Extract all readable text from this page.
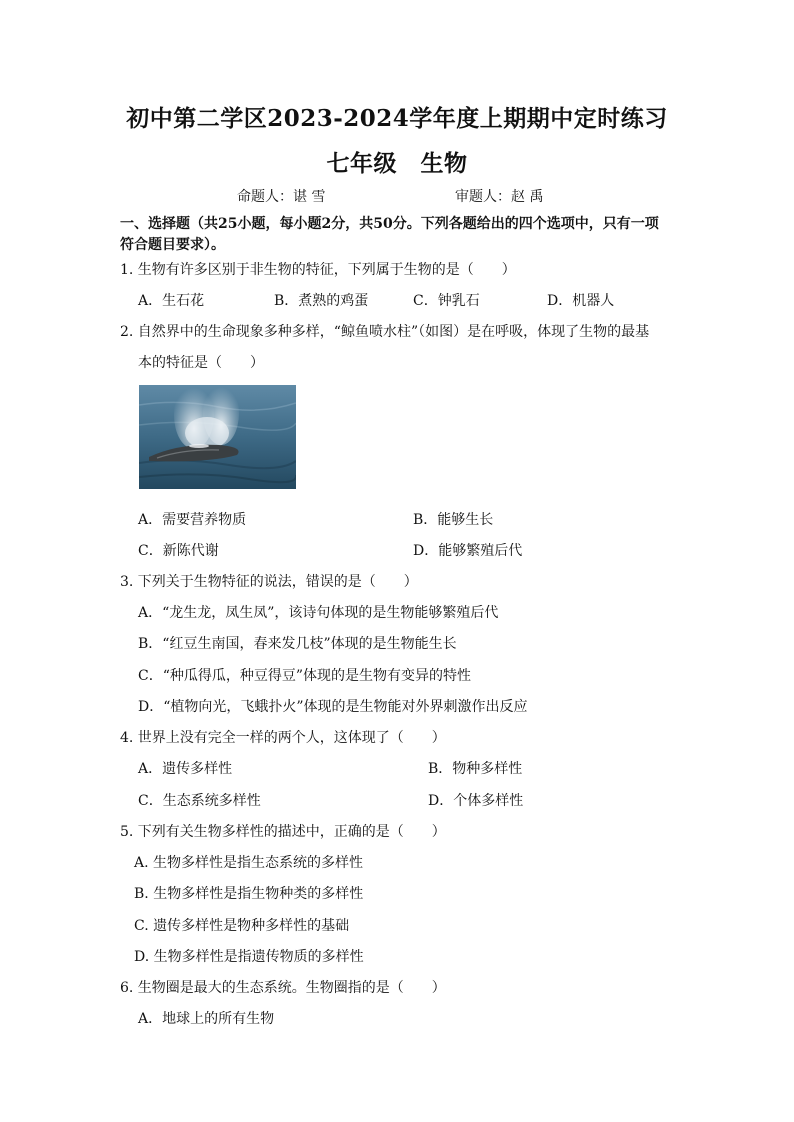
初中第二学区2023-2024学年度上期期中定时练习
七年级　生物
命题人：谌 雪	审题人：赵 禹
一、选择题（共25小题，每小题2分，共50分。下列各题给出的四个选项中，只有一项
符合题目要求）。
1. 生物有许多区别于非生物的特征，下列属于生物的是（　　）
A．生石花	B．煮熟的鸡蛋	C．钟乳石	D．机器人
2. 自然界中的生命现象多种多样，“鲸鱼喷水柱”（如图）是在呼吸，体现了生物的最基
本的特征是（　　）
A．需要营养物质	B．能够生长
C．新陈代谢	D．能够繁殖后代
3. 下列关于生物特征的说法，错误的是（　　）
A．“龙生龙，凤生凤”，该诗句体现的是生物能够繁殖后代
B．“红豆生南国，春来发几枝”体现的是生物能生长
C．“种瓜得瓜，种豆得豆”体现的是生物有变异的特性
D．“植物向光，飞蛾扑火”体现的是生物能对外界刺激作出反应
4. 世界上没有完全一样的两个人，这体现了（　　）
A．遗传多样性	B．物种多样性
C．生态系统多样性	D．个体多样性
5. 下列有关生物多样性的描述中，正确的是（　　）
A. 生物多样性是指生态系统的多样性
B. 生物多样性是指生物种类的多样性
C. 遗传多样性是物种多样性的基础
D. 生物多样性是指遗传物质的多样性
6. 生物圈是最大的生态系统。生物圈指的是（　　）
A．地球上的所有生物
